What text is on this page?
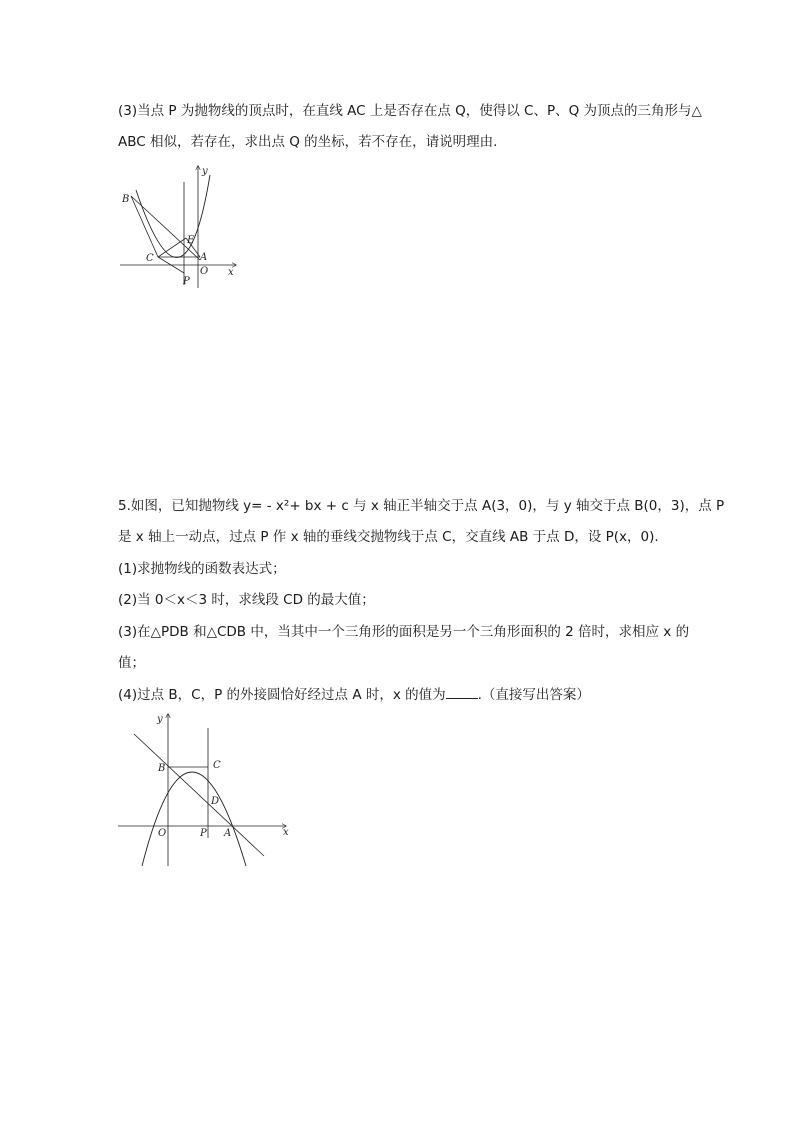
(3)当点 P 为抛物线的顶点时，在直线 AC 上是否存在点 Q，使得以 C、P、Q 为顶点的三角形与△
ABC 相似，若存在，求出点 Q 的坐标，若不存在，请说明理由.
y
B
E
C	A
O
P
x
5.如图，已知抛物线 y= - x²+ bx + c 与 x 轴正半轴交于点 A(3，0)，与 y 轴交于点 B(0，3)，点 P
是 x 轴上一动点，过点 P 作 x 轴的垂线交抛物线于点 C，交直线 AB 于点 D，设 P(x，0).
(1)求抛物线的函数表达式；
(2)当 0＜x＜3 时，求线段 CD 的最大值；
(3)在△PDB 和△CDB 中，当其中一个三角形的面积是另一个三角形面积的 2 倍时，求相应 x 的
值；
(4)过点 B，C，P 的外接圆恰好经过点 A 时，x 的值为 .（直接写出答案）
y
B	C
D
O	P A	x
